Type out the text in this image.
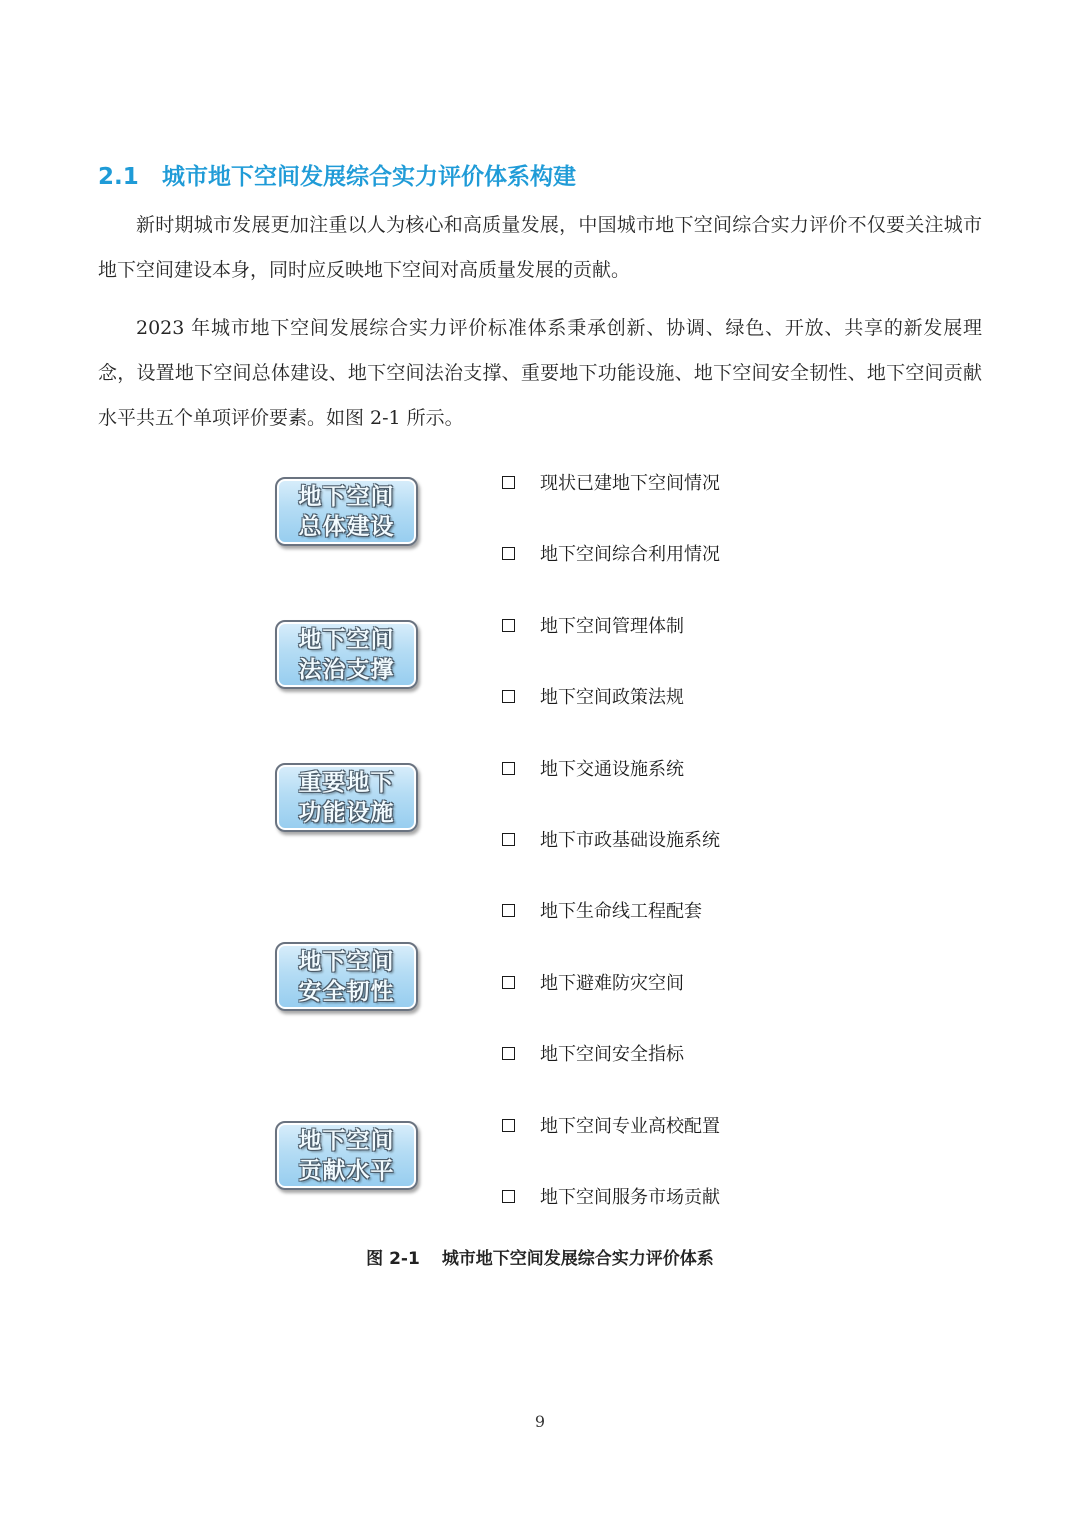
2.1 城市地下空间发展综合实力评价体系构建

新时期城市发展更加注重以人为核心和高质量发展，中国城市地下空间综合实力评价不仅要关注城市地下空间建设本身，同时应反映地下空间对高质量发展的贡献。

2023 年城市地下空间发展综合实力评价标准体系秉承创新、协调、绿色、开放、共享的新发展理念，设置地下空间总体建设、地下空间法治支撑、重要地下功能设施、地下空间安全韧性、地下空间贡献水平共五个单项评价要素。如图 2-1 所示。

地下空间
总体建设
地下空间
法治支撑
重要地下
功能设施
地下空间
安全韧性
地下空间
贡献水平
现状已建地下空间情况
地下空间综合利用情况
地下空间管理体制
地下空间政策法规
地下交通设施系统
地下市政基础设施系统
地下生命线工程配套
地下避难防灾空间
地下空间安全指标
地下空间专业高校配置
地下空间服务市场贡献
图 2-1 城市地下空间发展综合实力评价体系
9
